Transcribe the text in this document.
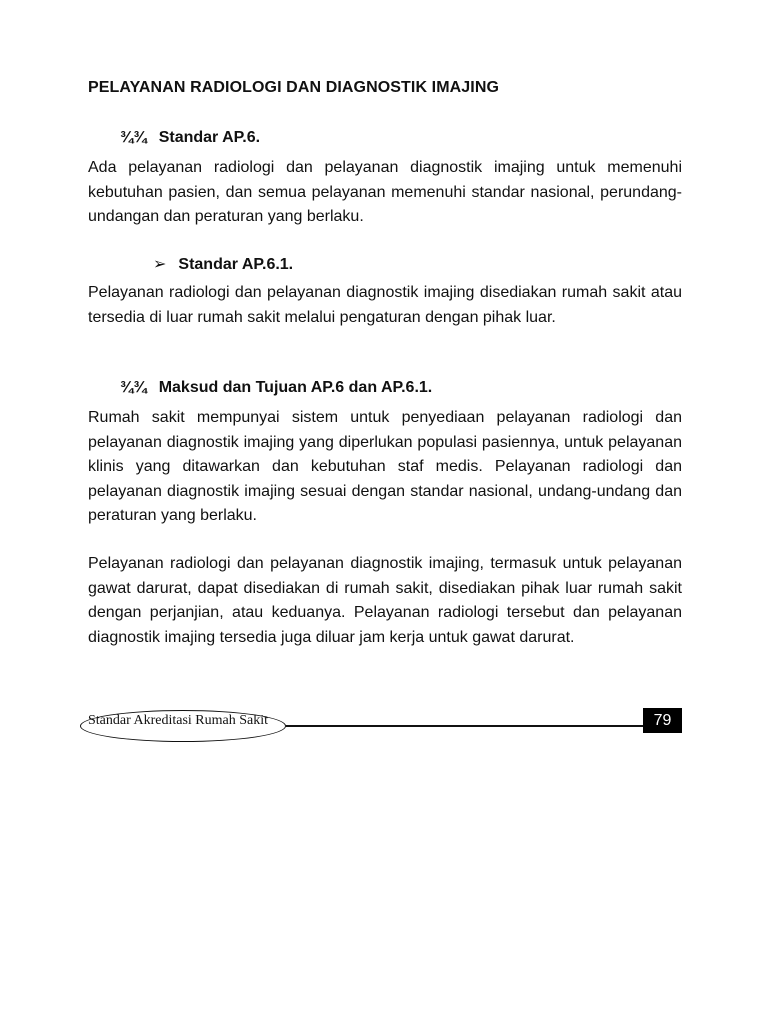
PELAYANAN RADIOLOGI DAN DIAGNOSTIK IMAJING
¾¾ Standar AP.6.
Ada pelayanan radiologi dan pelayanan diagnostik imajing untuk memenuhi kebutuhan pasien, dan semua pelayanan memenuhi standar nasional, perundang-undangan dan peraturan yang berlaku.
➢ Standar AP.6.1.
Pelayanan radiologi dan pelayanan diagnostik imajing disediakan rumah sakit atau tersedia di luar rumah sakit melalui pengaturan dengan pihak luar.
¾¾ Maksud dan Tujuan AP.6 dan AP.6.1.
Rumah sakit mempunyai sistem untuk penyediaan pelayanan radiologi dan pelayanan diagnostik imajing yang diperlukan populasi pasiennya, untuk pelayanan klinis yang ditawarkan dan kebutuhan staf medis. Pelayanan radiologi dan pelayanan diagnostik imajing sesuai dengan standar nasional, undang-undang dan peraturan yang berlaku.
Pelayanan radiologi dan pelayanan diagnostik imajing, termasuk untuk pelayanan gawat darurat, dapat disediakan di rumah sakit, disediakan pihak luar rumah sakit dengan perjanjian, atau keduanya. Pelayanan radiologi tersebut dan pelayanan diagnostik imajing tersedia juga diluar jam kerja untuk gawat darurat.
Standar Akreditasi Rumah Sakit	79
